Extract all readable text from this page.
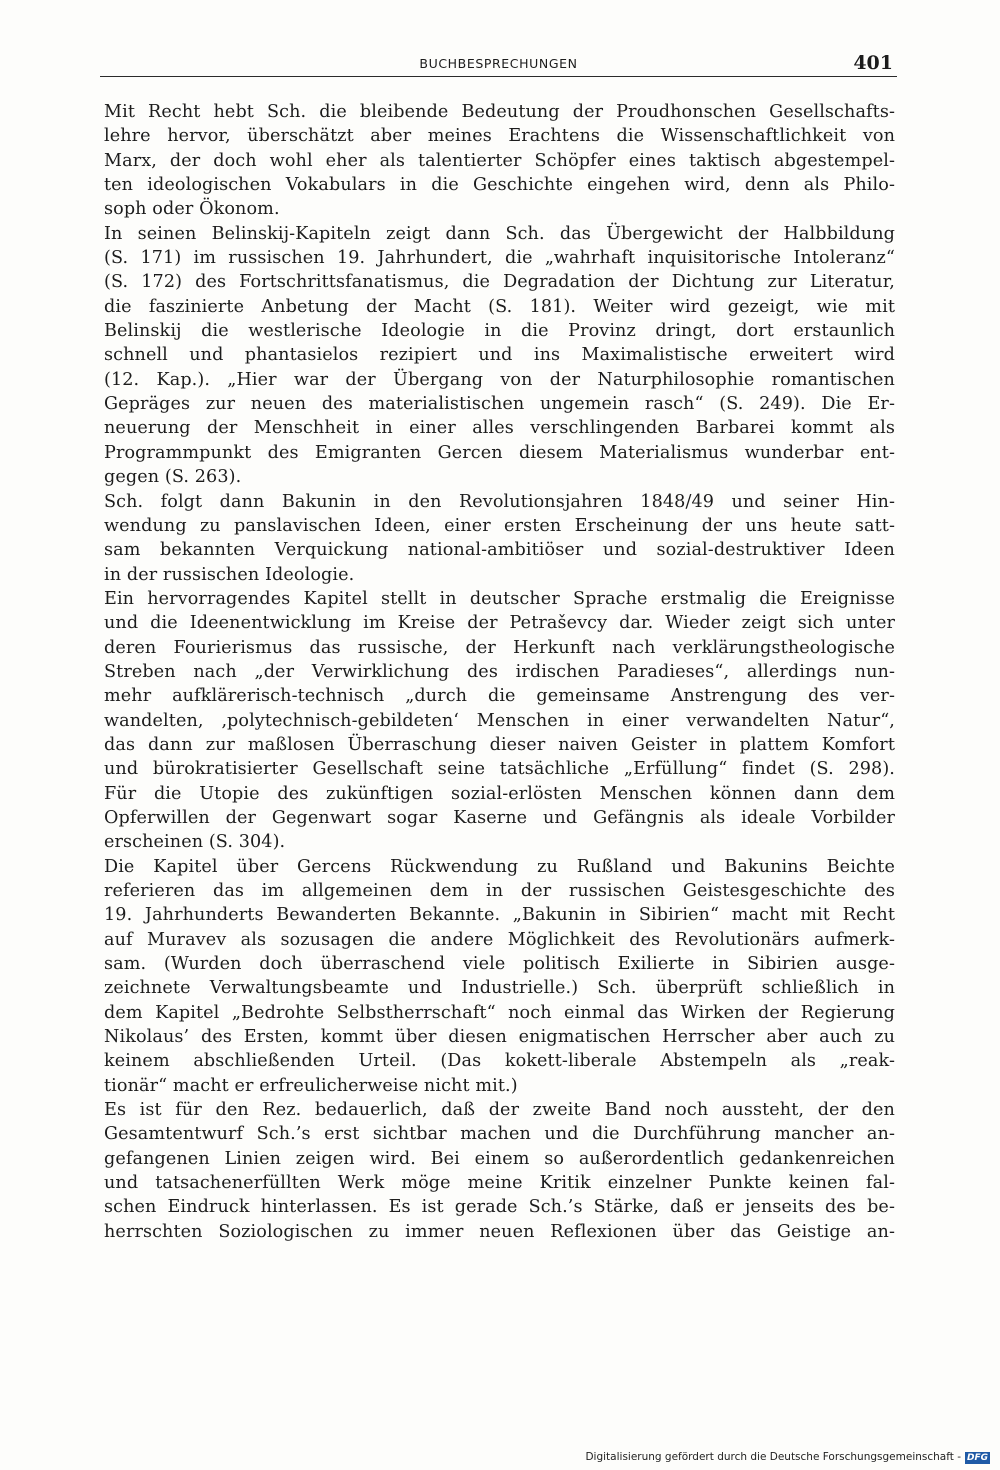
BUCHBESPRECHUNGEN	401
Mit Recht hebt Sch. die bleibende Bedeutung der Proudhonschen Gesellschafts-
lehre hervor, überschätzt aber meines Erachtens die Wissenschaftlichkeit von
Marx, der doch wohl eher als talentierter Schöpfer eines taktisch abgestempel-
ten ideologischen Vokabulars in die Geschichte eingehen wird, denn als Philo-
soph oder Ökonom.
In seinen Belinskij-Kapiteln zeigt dann Sch. das Übergewicht der Halbbildung
(S. 171) im russischen 19. Jahrhundert, die „wahrhaft inquisitorische Intoleranz“
(S. 172) des Fortschrittsfanatismus, die Degradation der Dichtung zur Literatur,
die faszinierte Anbetung der Macht (S. 181). Weiter wird gezeigt, wie mit
Belinskij die westlerische Ideologie in die Provinz dringt, dort erstaunlich
schnell und phantasielos rezipiert und ins Maximalistische erweitert wird
(12. Kap.). „Hier war der Übergang von der Naturphilosophie romantischen
Gepräges zur neuen des materialistischen ungemein rasch“ (S. 249). Die Er-
neuerung der Menschheit in einer alles verschlingenden Barbarei kommt als
Programmpunkt des Emigranten Gercen diesem Materialismus wunderbar ent-
gegen (S. 263).
Sch. folgt dann Bakunin in den Revolutionsjahren 1848/49 und seiner Hin-
wendung zu panslavischen Ideen, einer ersten Erscheinung der uns heute satt-
sam bekannten Verquickung national-ambitiöser und sozial-destruktiver Ideen
in der russischen Ideologie.
Ein hervorragendes Kapitel stellt in deutscher Sprache erstmalig die Ereignisse
und die Ideenentwicklung im Kreise der Petraševcy dar. Wieder zeigt sich unter
deren Fourierismus das russische, der Herkunft nach verklärungstheologische
Streben nach „der Verwirklichung des irdischen Paradieses“, allerdings nun-
mehr aufklärerisch-technisch „durch die gemeinsame Anstrengung des ver-
wandelten, ‚polytechnisch-gebildeten‘ Menschen in einer verwandelten Natur“,
das dann zur maßlosen Überraschung dieser naiven Geister in plattem Komfort
und bürokratisierter Gesellschaft seine tatsächliche „Erfüllung“ findet (S. 298).
Für die Utopie des zukünftigen sozial-erlösten Menschen können dann dem
Opferwillen der Gegenwart sogar Kaserne und Gefängnis als ideale Vorbilder
erscheinen (S. 304).
Die Kapitel über Gercens Rückwendung zu Rußland und Bakunins Beichte
referieren das im allgemeinen dem in der russischen Geistesgeschichte des
19. Jahrhunderts Bewanderten Bekannte. „Bakunin in Sibirien“ macht mit Recht
auf Muravev als sozusagen die andere Möglichkeit des Revolutionärs aufmerk-
sam. (Wurden doch überraschend viele politisch Exilierte in Sibirien ausge-
zeichnete Verwaltungsbeamte und Industrielle.) Sch. überprüft schließlich in
dem Kapitel „Bedrohte Selbstherrschaft“ noch einmal das Wirken der Regierung
Nikolaus’ des Ersten, kommt über diesen enigmatischen Herrscher aber auch zu
keinem abschließenden Urteil. (Das kokett-liberale Abstempeln als „reak-
tionär“ macht er erfreulicherweise nicht mit.)
Es ist für den Rez. bedauerlich, daß der zweite Band noch aussteht, der den
Gesamtentwurf Sch.’s erst sichtbar machen und die Durchführung mancher an-
gefangenen Linien zeigen wird. Bei einem so außerordentlich gedankenreichen
und tatsachenerfüllten Werk möge meine Kritik einzelner Punkte keinen fal-
schen Eindruck hinterlassen. Es ist gerade Sch.’s Stärke, daß er jenseits des be-
herrschten Soziologischen zu immer neuen Reflexionen über das Geistige an-
Digitalisierung gefördert durch die Deutsche Forschungsgemeinschaft - DFG
